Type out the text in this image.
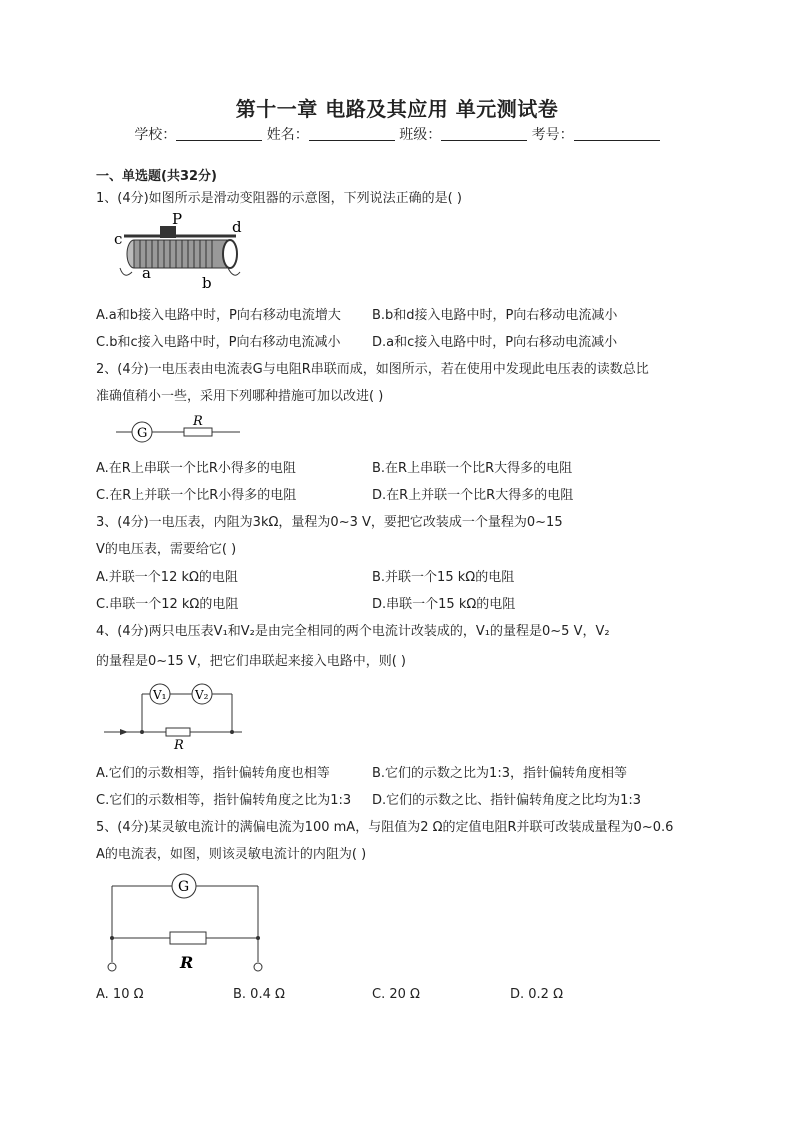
第十一章 电路及其应用 单元测试卷
学校：	姓名：	班级：	考号：
一、单选题(共32分)
1、(4分)如图所示是滑动变阻器的示意图，下列说法正确的是( )
P
c
d
a
b
A.a和b接入电路中时，P向右移动电流增大 B.b和d接入电路中时，P向右移动电流减小
C.b和c接入电路中时，P向右移动电流减小 D.a和c接入电路中时，P向右移动电流减小
2、(4分)一电压表由电流表G与电阻R串联而成，如图所示，若在使用中发现此电压表的读数总比
准确值稍小一些，采用下列哪种措施可加以改进( )
G
R
A.在R上串联一个比R小得多的电阻	B.在R上串联一个比R大得多的电阻
C.在R上并联一个比R小得多的电阻	D.在R上并联一个比R大得多的电阻
3、(4分)一电压表，内阻为3kΩ，量程为0~3 V，要把它改装成一个量程为0~15
V的电压表，需要给它( )
A.并联一个12 kΩ的电阻	B.并联一个15 kΩ的电阻
C.串联一个12 kΩ的电阻	D.串联一个15 kΩ的电阻
4、(4分)两只电压表V₁和V₂是由完全相同的两个电流计改装成的，V₁的量程是0~5 V，V₂
的量程是0~15 V，把它们串联起来接入电路中，则( )
V₁ V₂
R
A.它们的示数相等，指针偏转角度也相等	B.它们的示数之比为1:3，指针偏转角度相等
C.它们的示数相等，指针偏转角度之比为1:3 D.它们的示数之比、指针偏转角度之比均为1:3
5、(4分)某灵敏电流计的满偏电流为100 mA，与阻值为2 Ω的定值电阻R并联可改装成量程为0~0.6
A的电流表，如图，则该灵敏电流计的内阻为( )
G
R
A. 10 Ω	B. 0.4 Ω	C. 20 Ω	D. 0.2 Ω
